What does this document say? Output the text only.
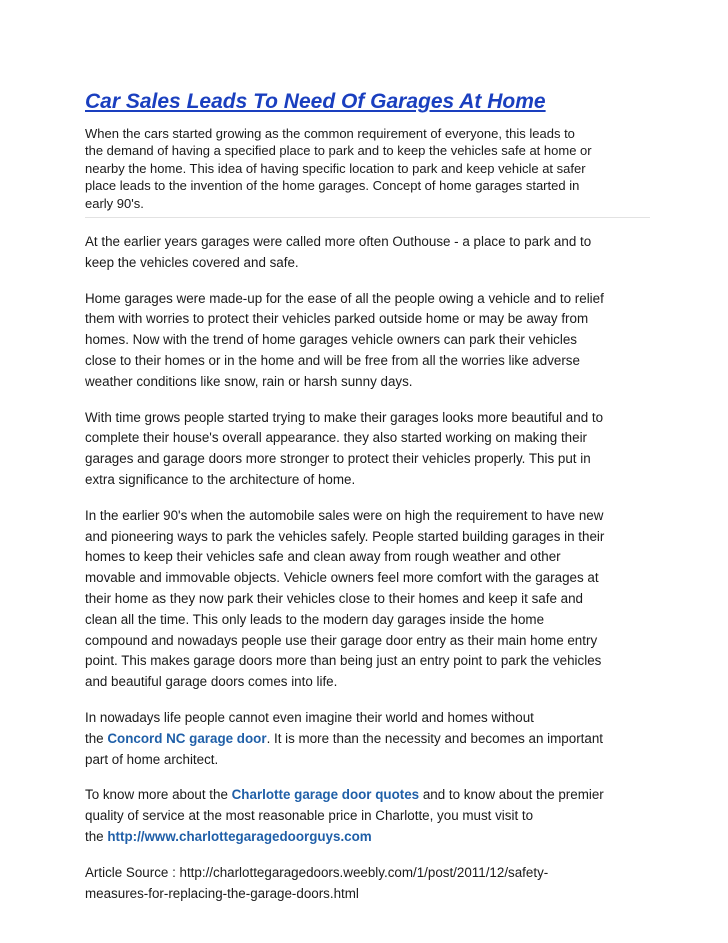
Car Sales Leads To Need Of Garages At Home

When the cars started growing as the common requirement of everyone, this leads to
the demand of having a specified place to park and to keep the vehicles safe at home or
nearby the home. This idea of having specific location to park and keep vehicle at safer
place leads to the invention of the home garages. Concept of home garages started in
early 90's.

At the earlier years garages were called more often Outhouse - a place to park and to
keep the vehicles covered and safe.

Home garages were made-up for the ease of all the people owing a vehicle and to relief
them with worries to protect their vehicles parked outside home or may be away from
homes. Now with the trend of home garages vehicle owners can park their vehicles
close to their homes or in the home and will be free from all the worries like adverse
weather conditions like snow, rain or harsh sunny days.

With time grows people started trying to make their garages looks more beautiful and to
complete their house's overall appearance. they also started working on making their
garages and garage doors more stronger to protect their vehicles properly. This put in
extra significance to the architecture of home.

In the earlier 90's when the automobile sales were on high the requirement to have new
and pioneering ways to park the vehicles safely. People started building garages in their
homes to keep their vehicles safe and clean away from rough weather and other
movable and immovable objects. Vehicle owners feel more comfort with the garages at
their home as they now park their vehicles close to their homes and keep it safe and
clean all the time. This only leads to the modern day garages inside the home
compound and nowadays people use their garage door entry as their main home entry
point. This makes garage doors more than being just an entry point to park the vehicles
and beautiful garage doors comes into life.

In nowadays life people cannot even imagine their world and homes without
the Concord NC garage door. It is more than the necessity and becomes an important
part of home architect.

To know more about the Charlotte garage door quotes and to know about the premier
quality of service at the most reasonable price in Charlotte, you must visit to
the http://www.charlottegaragedoorguys.com

Article Source : http://charlottegaragedoors.weebly.com/1/post/2011/12/safety-
measures-for-replacing-the-garage-doors.html
